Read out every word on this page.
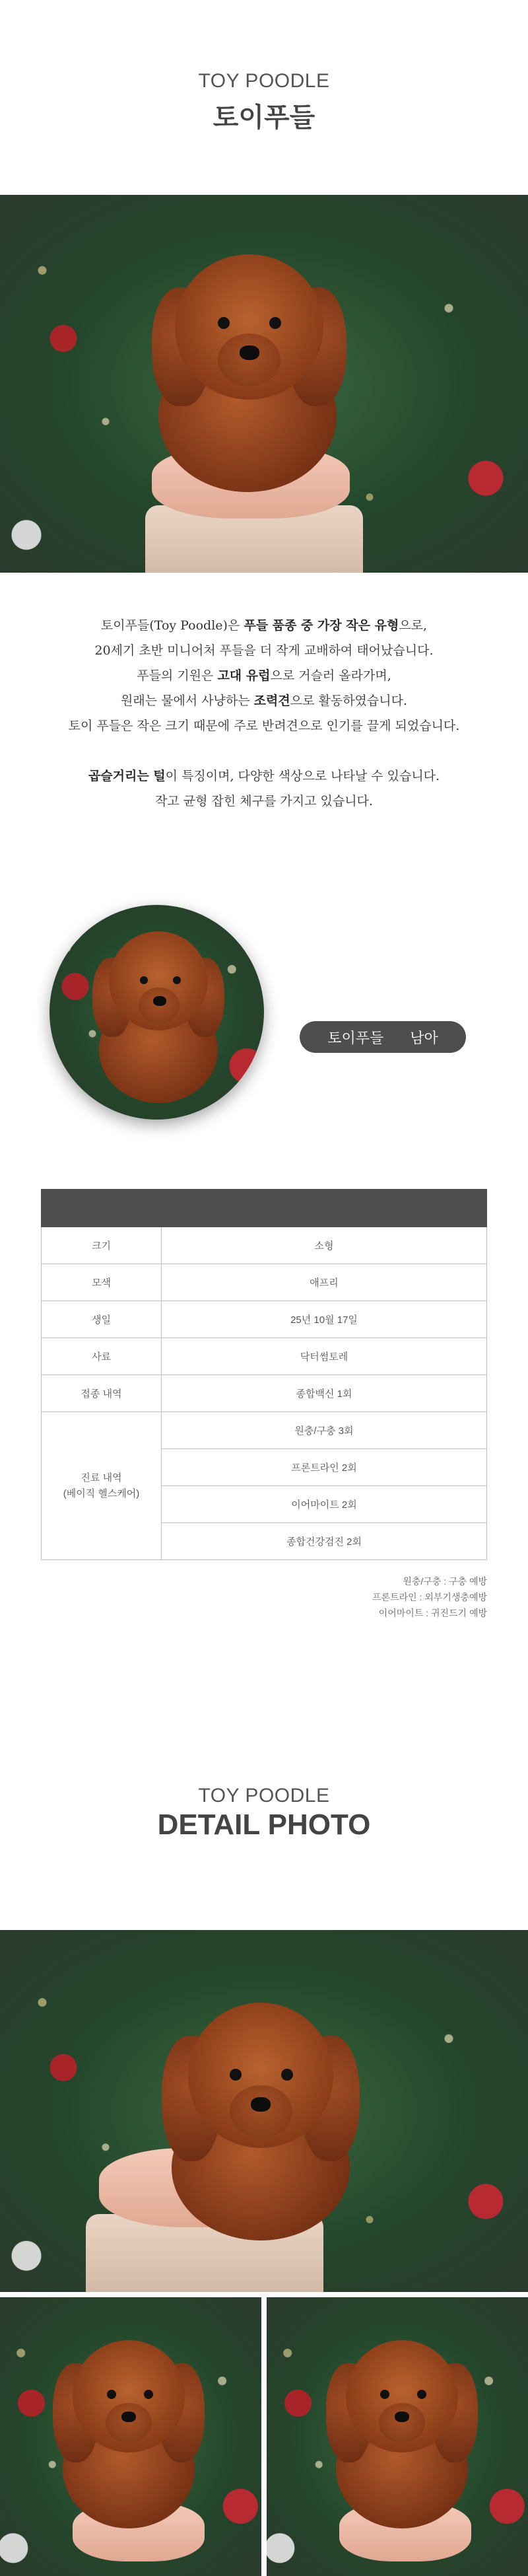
TOY POODLE
토이푸들
토이푸들(Toy Poodle)은 푸들 품종 중 가장 작은 유형으로,
20세기 초반 미니어처 푸들을 더 작게 교배하여 태어났습니다.
푸들의 기원은 고대 유럽으로 거슬러 올라가며,
원래는 물에서 사냥하는 조력견으로 활동하였습니다.
토이 푸들은 작은 크기 때문에 주로 반려견으로 인기를 끌게 되었습니다.
곱슬거리는 털이 특징이며, 다양한 색상으로 나타날 수 있습니다.
작고 균형 잡힌 체구를 가지고 있습니다.
토이푸들 남아

크기	소형
모색	애프리
생일	25년 10월 17일
사료	닥터썸토레
접종 내역	종합백신 1회

진료 내역
(베이직 헬스케어)	원충/구충 3회
	프론트라인 2회
	이어마이트 2회
	종합건강검진 2회
원충/구충 : 구충 예방
프론트라인 : 외부기생충예방
이어마이트 : 귀진드기 예방
TOY POODLE
DETAIL PHOTO
